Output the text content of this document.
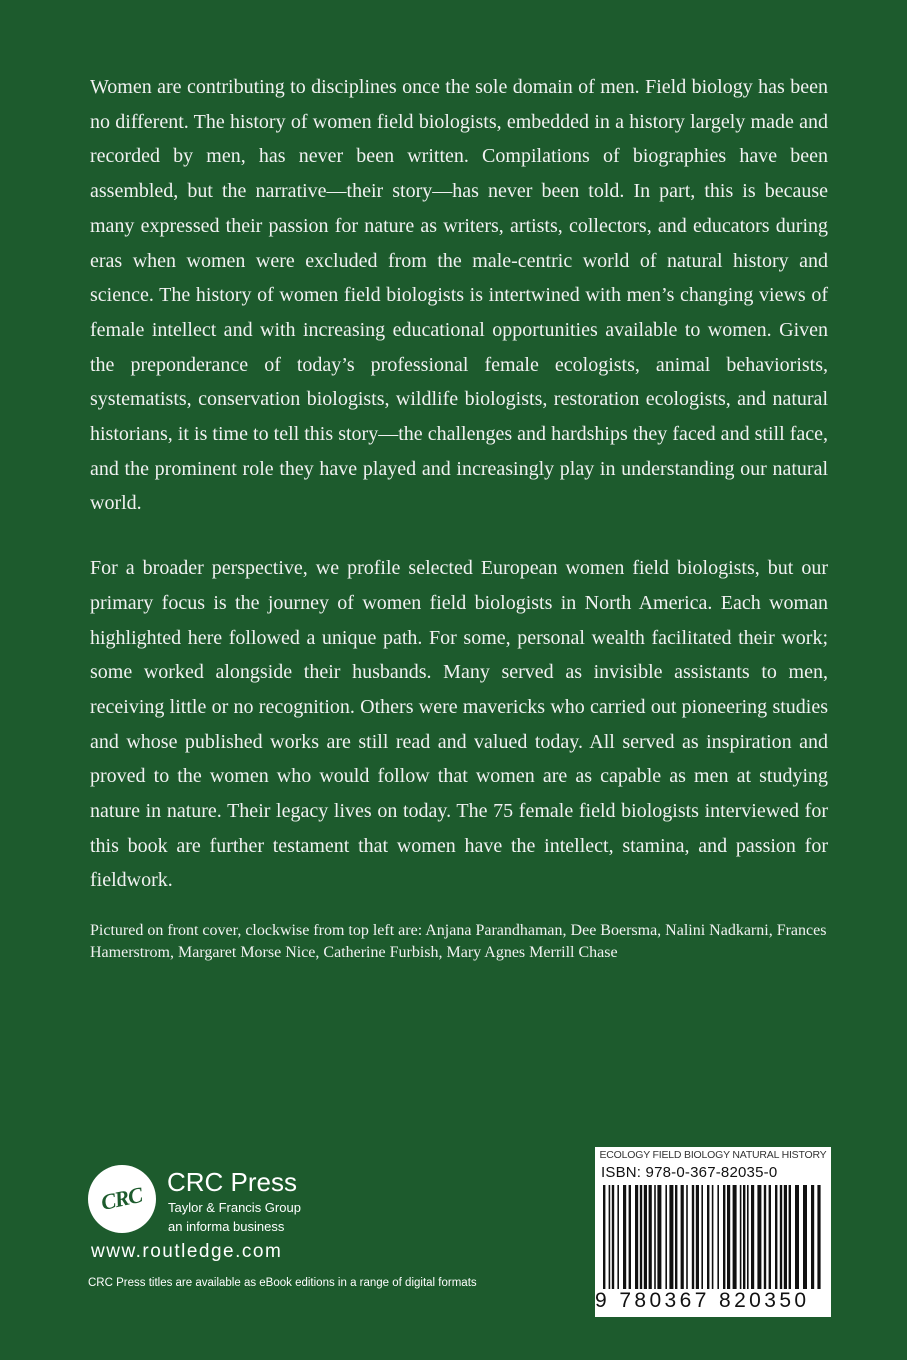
Women are contributing to disciplines once the sole domain of men. Field biology has been no different. The history of women field biologists, embedded in a history largely made and recorded by men, has never been written. Compilations of biographies have been assembled, but the narrative—their story—has never been told. In part, this is because many expressed their passion for nature as writers, artists, collectors, and educators during eras when women were excluded from the male-centric world of natural history and science. The history of women field biologists is intertwined with men’s changing views of female intellect and with increasing educational opportunities available to women. Given the preponderance of today’s professional female ecologists, animal behaviorists, systematists, conservation biologists, wildlife biologists, restoration ecologists, and natural historians, it is time to tell this story—the challenges and hardships they faced and still face, and the prominent role they have played and increasingly play in understanding our natural world.

For a broader perspective, we profile selected European women field biologists, but our primary focus is the journey of women field biologists in North America. Each woman highlighted here followed a unique path. For some, personal wealth facilitated their work; some worked alongside their husbands. Many served as invisible assistants to men, receiving little or no recognition. Others were mavericks who carried out pioneering studies and whose published works are still read and valued today. All served as inspiration and proved to the women who would follow that women are as capable as men at studying nature in nature. Their legacy lives on today. The 75 female field biologists interviewed for this book are further testament that women have the intellect, stamina, and passion for fieldwork.

Pictured on front cover, clockwise from top left are: Anjana Parandhaman, Dee Boersma, Nalini Nadkarni, Frances Hamerstrom, Margaret Morse Nice, Catherine Furbish, Mary Agnes Merrill Chase

CRC
CRC Press
Taylor & Francis Group
an informa business
www.routledge.com
CRC Press titles are available as eBook editions in a range of digital formats
ECOLOGY FIELD BIOLOGY NATURAL HISTORY
ISBN: 978-0-367-82035-0
9 780367 820350
